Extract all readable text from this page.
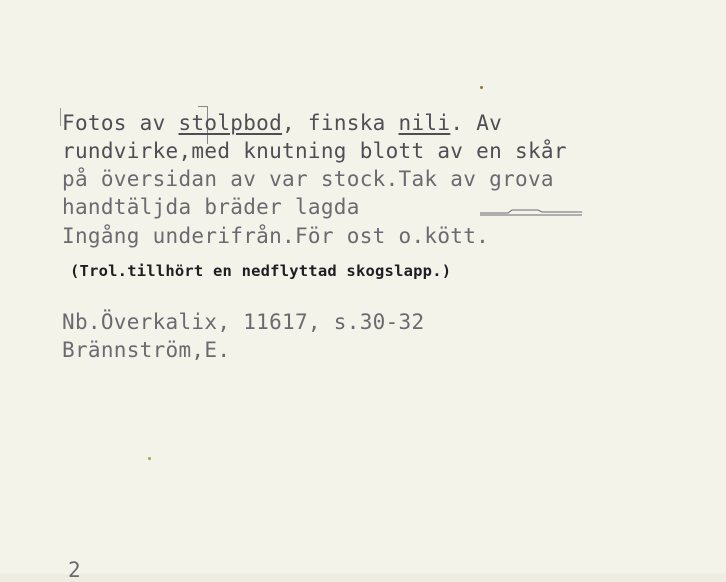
Fotos av stolpbod, finska nili. Av
rundvirke,med knutning blott av en skår
på översidan av var stock.Tak av grova
handtäljda bräder lagda
Ingång underifrån.För ost o.kött.
(Trol.tillhört en nedflyttad skogslapp.)
Nb.Överkalix, 11617, s.30-32
Brännström,E.
2
